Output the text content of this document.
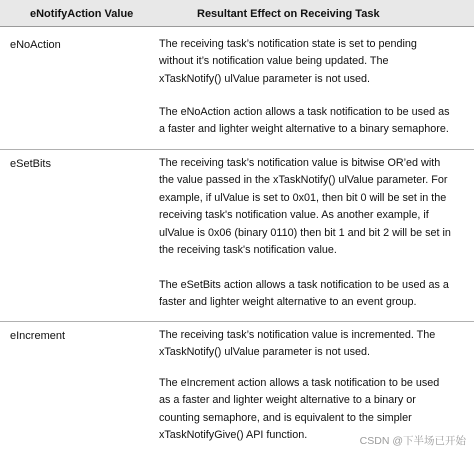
eNotifyAction Value	Resultant Effect on Receiving Task
eNoAction	The receiving task’s notification state is set to pending
without it’s notification value being updated. The
xTaskNotify() ulValue parameter is not used.
The eNoAction action allows a task notification to be used as
a faster and lighter weight alternative to a binary semaphore.
eSetBits	The receiving task’s notification value is bitwise OR’ed with
the value passed in the xTaskNotify() ulValue parameter. For
example, if ulValue is set to 0x01, then bit 0 will be set in the
receiving task's notification value. As another example, if
ulValue is 0x06 (binary 0110) then bit 1 and bit 2 will be set in
the receiving task's notification value.
The eSetBits action allows a task notification to be used as a
faster and lighter weight alternative to an event group.
eIncrement	The receiving task’s notification value is incremented. The
xTaskNotify() ulValue parameter is not used.
The eIncrement action allows a task notification to be used
as a faster and lighter weight alternative to a binary or
counting semaphore, and is equivalent to the simpler
xTaskNotifyGive() API function.	CSDN @下半场已开始
